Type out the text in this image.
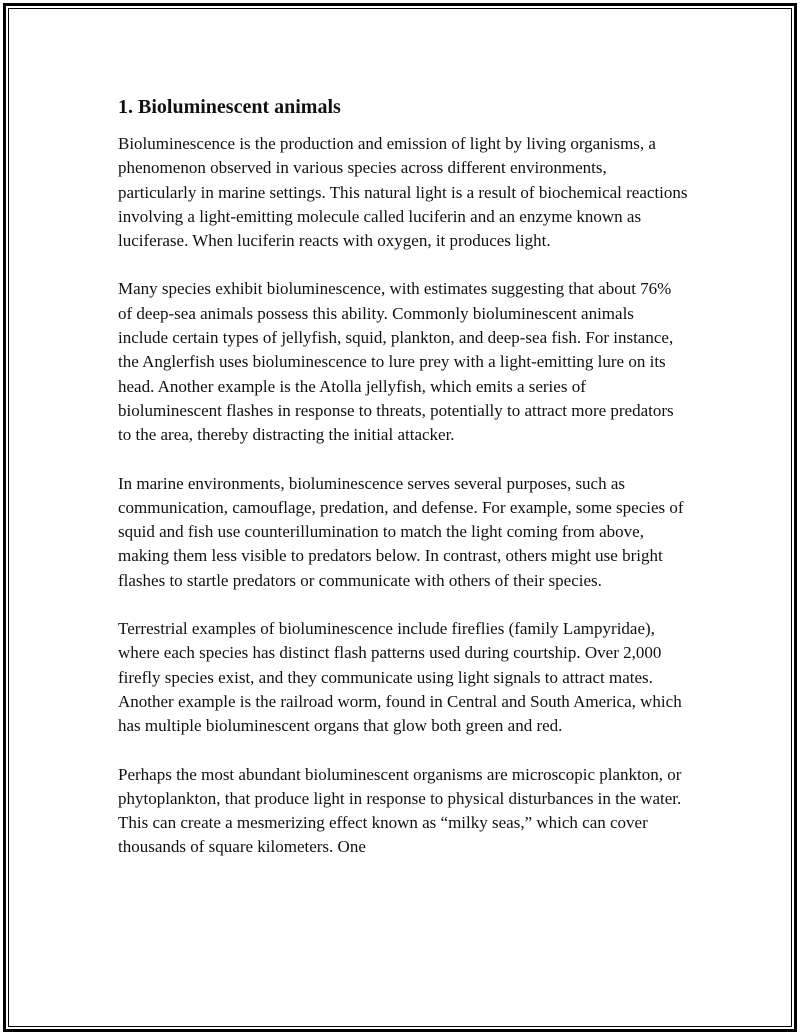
1. Bioluminescent animals

Bioluminescence is the production and emission of light by living organisms, a phenomenon observed in various species across different environments, particularly in marine settings. This natural light is a result of biochemical reactions involving a light-emitting molecule called luciferin and an enzyme known as luciferase. When luciferin reacts with oxygen, it produces light.

Many species exhibit bioluminescence, with estimates suggesting that about 76% of deep-sea animals possess this ability. Commonly bioluminescent animals include certain types of jellyfish, squid, plankton, and deep-sea fish. For instance, the Anglerfish uses bioluminescence to lure prey with a light-emitting lure on its head. Another example is the Atolla jellyfish, which emits a series of bioluminescent flashes in response to threats, potentially to attract more predators to the area, thereby distracting the initial attacker.

In marine environments, bioluminescence serves several purposes, such as communication, camouflage, predation, and defense. For example, some species of squid and fish use counterillumination to match the light coming from above, making them less visible to predators below. In contrast, others might use bright flashes to startle predators or communicate with others of their species.

Terrestrial examples of bioluminescence include fireflies (family Lampyridae), where each species has distinct flash patterns used during courtship. Over 2,000 firefly species exist, and they communicate using light signals to attract mates. Another example is the railroad worm, found in Central and South America, which has multiple bioluminescent organs that glow both green and red.

Perhaps the most abundant bioluminescent organisms are microscopic plankton, or phytoplankton, that produce light in response to physical disturbances in the water. This can create a mesmerizing effect known as “milky seas,” which can cover thousands of square kilometers. One
